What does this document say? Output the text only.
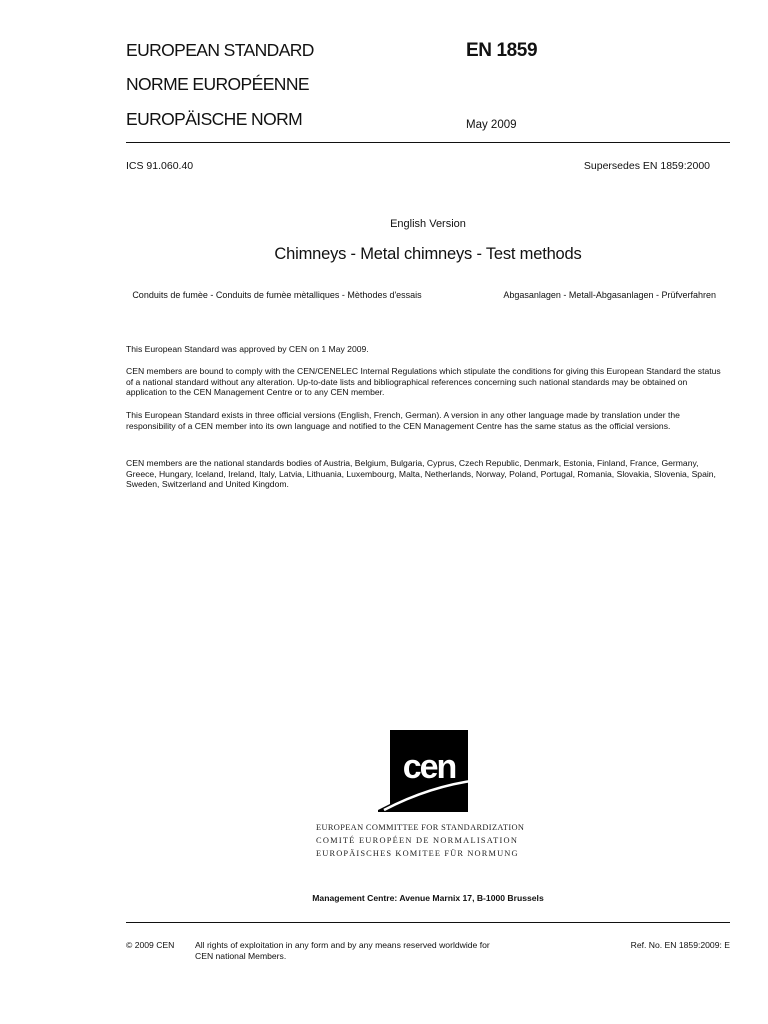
EUROPEAN STANDARD
NORME EUROPÉENNE
EUROPÄISCHE NORM
EN 1859
May 2009
ICS 91.060.40	Supersedes EN 1859:2000
English Version
Chimneys - Metal chimneys - Test methods
Conduits de fumèe - Conduits de fumèe mètalliques - Mèthodes d'essais	Abgasanlagen - Metall-Abgasanlagen - Prüfverfahren
This European Standard was approved by CEN on 1 May 2009.
CEN members are bound to comply with the CEN/CENELEC Internal Regulations which stipulate the conditions for giving this European Standard the status of a national standard without any alteration. Up-to-date lists and bibliographical references concerning such national standards may be obtained on application to the CEN Management Centre or to any CEN member.
This European Standard exists in three official versions (English, French, German). A version in any other language made by translation under the responsibility of a CEN member into its own language and notified to the CEN Management Centre has the same status as the official versions.
CEN members are the national standards bodies of Austria, Belgium, Bulgaria, Cyprus, Czech Republic, Denmark, Estonia, Finland, France, Germany, Greece, Hungary, Iceland, Ireland, Italy, Latvia, Lithuania, Luxembourg, Malta, Netherlands, Norway, Poland, Portugal, Romania, Slovakia, Slovenia, Spain, Sweden, Switzerland and United Kingdom.
cen
EUROPEAN COMMITTEE FOR STANDARDIZATION
COMITÉ EUROPÉEN DE NORMALISATION
EUROPÄISCHES KOMITEE FÜR NORMUNG
Management Centre: Avenue Marnix 17, B-1000 Brussels
© 2009 CEN All rights of exploitation in any form and by any means reserved worldwide for CEN national Members.
Ref. No. EN 1859:2009: E
